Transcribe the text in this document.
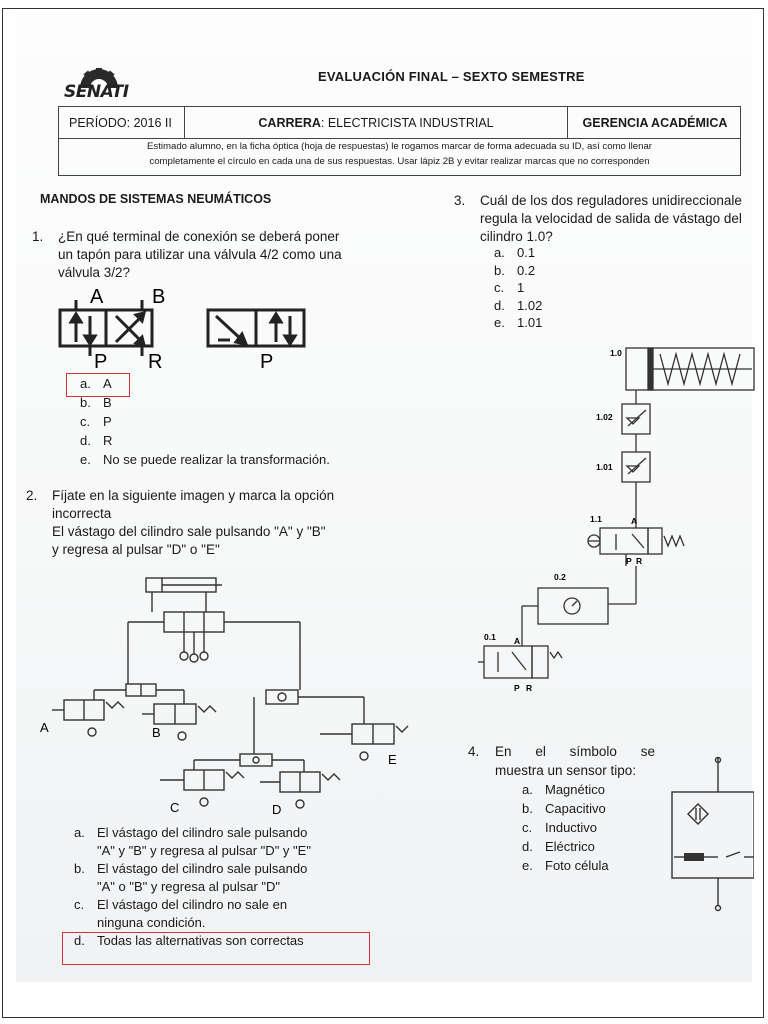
SENATI
EVALUACIÓN FINAL – SEXTO SEMESTRE
PERÍODO: 2016 II	CARRERA : ELECTRICISTA INDUSTRIAL	GERENCIA ACADÉMICA
Estimado alumno, en la ficha óptica (hoja de respuestas) le rogamos marcar de forma adecuada su ID, así como llenar
completamente el círculo en cada una de sus respuestas. Usar lápiz 2B y evitar realizar marcas que no corresponden
MANDOS DE SISTEMAS NEUMÁTICOS
1. ¿En qué terminal de conexión se deberá poner
un tapón para utilizar una válvula 4/2 como una
válvula 3/2?
A B
P R	P
a. A
b. B
c. P
d. R
e. No se puede realizar la transformación.
2. Fíjate en la siguiente imagen y marca la opción
incorrecta
El vástago del cilindro sale pulsando "A" y "B"
y regresa al pulsar "D" o "E"
A	B
C	D
E
a. El vástago del cilindro sale pulsando
"A" y "B" y regresa al pulsar "D" y "E"
b. El vástago del cilindro sale pulsando
"A" o "B" y regresa al pulsar "D"
c. El vástago del cilindro no sale en
ninguna condición.
d. Todas las alternativas son correctas
3. Cuál de los dos reguladores unidireccionale
regula la velocidad de salida de vástago del
cilindro 1.0?
a. 0.1
b. 0.2
c. 1
d. 1.02
e. 1.01
1.0
1.02
1.01
1.1	A
P R
0.2
0.1 A
P R
4. En el símbolo se
muestra un sensor tipo:
a. Magnético
b. Capacitivo
c. Inductivo
d. Eléctrico
e. Foto célula
